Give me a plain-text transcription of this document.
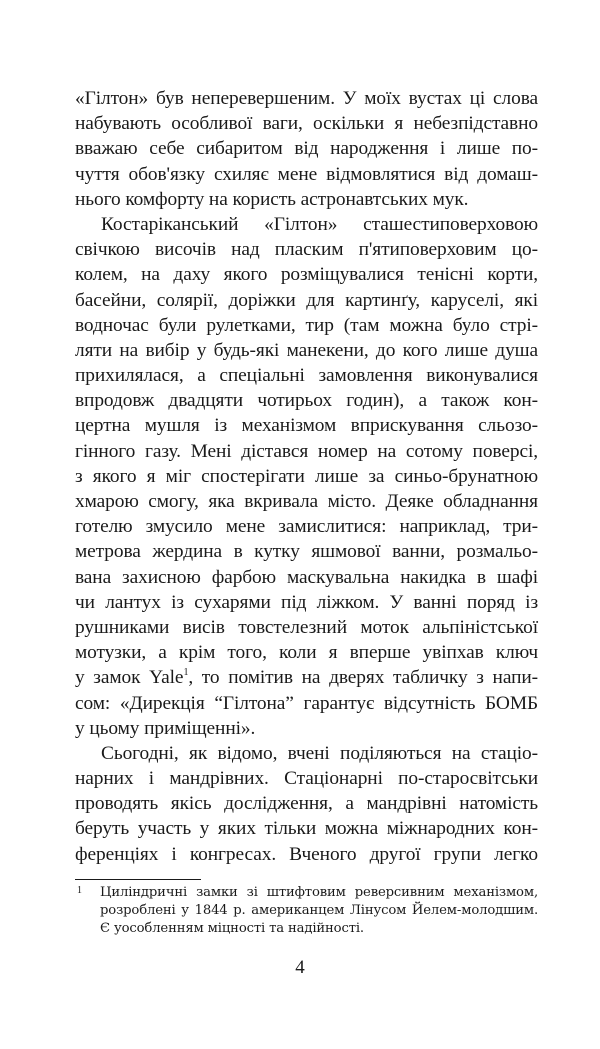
«Гілтон» був неперевершеним. У моїх вустах ці слова
набувають особливої ваги, оскільки я небезпідставно
вважаю себе сибаритом від народження і лише по-
чуття обов'язку схиляє мене відмовлятися від домаш-
нього комфорту на користь астронавтських мук.
Костаріканський «Гілтон» сташестиповерховою
свічкою височів над пласким п'ятиповерховим цо-
колем, на даху якого розміщувалися тенісні корти,
басейни, солярії, доріжки для картинґу, каруселі, які
водночас були рулетками, тир (там можна було стрі-
ляти на вибір у будь-які манекени, до кого лише душа
прихилялася, а спеціальні замовлення виконувалися
впродовж двадцяти чотирьох годин), а також кон-
цертна мушля із механізмом вприскування сльозо-
гінного газу. Мені дістався номер на сотому поверсі,
з якого я міг спостерігати лише за синьо-брунатною
хмарою смогу, яка вкривала місто. Деяке обладнання
готелю змусило мене замислитися: наприклад, три-
метрова жердина в кутку яшмової ванни, розмальо-
вана захисною фарбою маскувальна накидка в шафі
чи лантух із сухарями під ліжком. У ванні поряд із
рушниками висів товстелезний моток альпіністської
мотузки, а крім того, коли я вперше увіпхав ключ
у замок Yale$^1$, то помітив на дверях табличку з напи-
сом: «Дирекція “Гілтона” гарантує відсутність БОМБ
у цьому приміщенні».
Сьогодні, як відомо, вчені поділяються на стаціо-
нарних і мандрівних. Стаціонарні по-старосвітськи
проводять якісь дослідження, а мандрівні натомість
беруть участь у яких тільки можна міжнародних кон-
ференціях і конгресах. Вченого другої групи легко
1 Циліндричні замки зі штифтовим реверсивним механізмом,
розроблені у 1844 р. американцем Лінусом Йелем-молодшим.
Є уособленням міцності та надійності.
4
